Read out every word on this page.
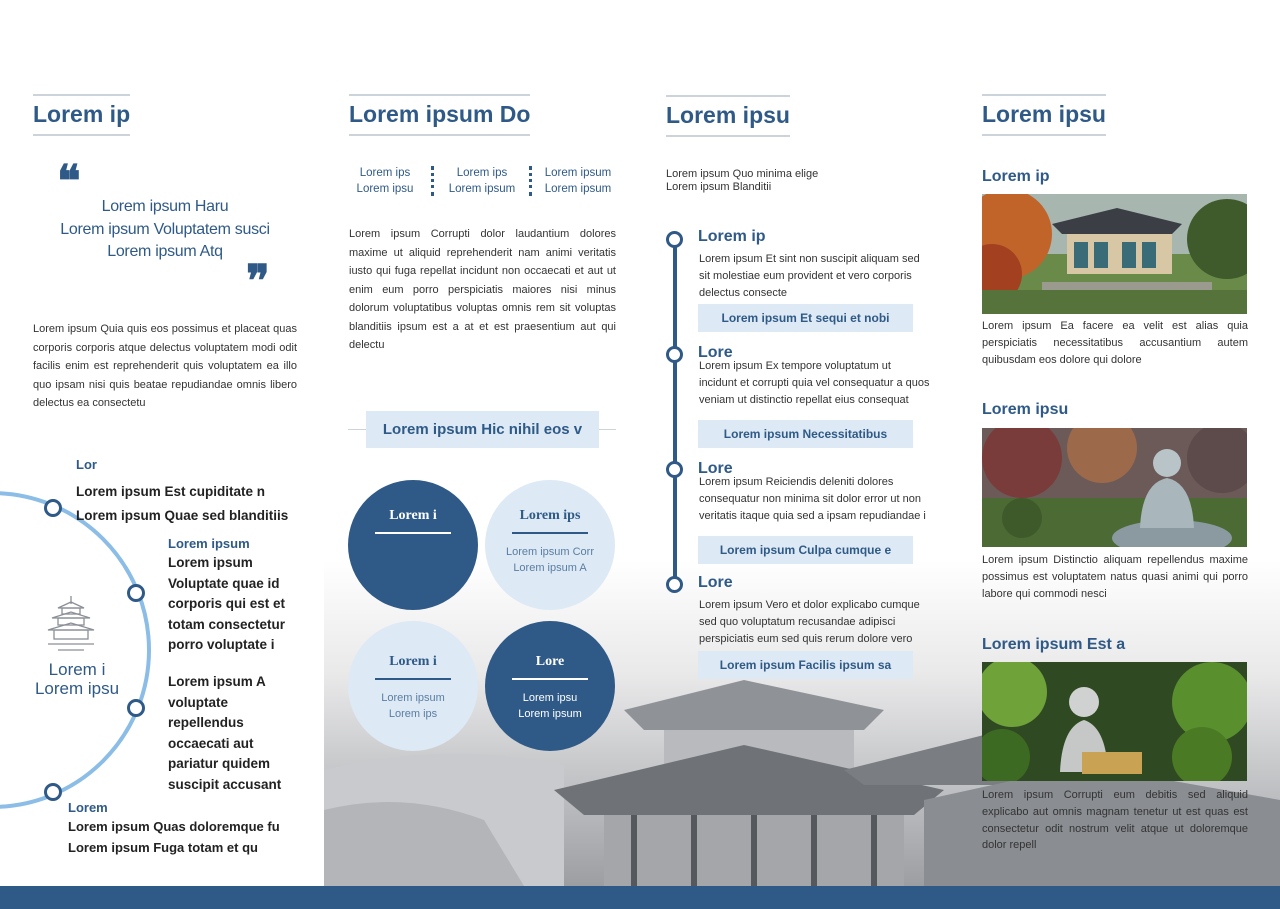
Lorem ip
❝	Lorem ipsum Haru
Lorem ipsum Voluptatem susci
Lorem ipsum Atq
❞
Lorem ipsum Quia quis eos possimus et placeat quas corporis corporis atque delectus voluptatem modi odit facilis enim est reprehenderit quis voluptatem ea illo quo ipsam nisi quis beatae repudiandae omnis libero delectus ea consectetu
Lorem i
Lorem ipsu
Lor
Lorem ipsum Est cupiditate n
Lorem ipsum Quae sed blanditiis
Lorem ipsum
Lorem ipsum
Voluptate quae id
corporis qui est et
totam consectetur
porro voluptate i
Lorem ipsum A
voluptate
repellendus
occaecati aut
pariatur quidem
suscipit accusant
Lorem
Lorem ipsum Quas doloremque fu
Lorem ipsum Fuga totam et qu
Lorem ipsum Do
Lorem ips
Lorem ipsu
Lorem ips
Lorem ipsum
Lorem ipsum
Lorem ipsum
Lorem ipsum Corrupti dolor laudantium dolores maxime ut aliquid reprehenderit nam animi veritatis iusto qui fuga repellat incidunt non occaecati et aut ut enim eum porro perspiciatis maiores nisi minus dolorum voluptatibus voluptas omnis rem sit voluptas blanditiis ipsum est a at et est praesentium aut qui delectu
Lorem ipsum Hic nihil eos v
Lorem i	Lorem ips
Lorem ipsum Corr
Lorem ipsum A
Lorem i
Lorem ipsum
Lorem ips
Lore
Lorem ipsu
Lorem ipsum
Lorem ipsu
Lorem ipsum Quo minima elige
Lorem ipsum Blanditii
Lorem ip
Lorem ipsum Et sint non suscipit aliquam sed sit molestiae eum provident et vero corporis delectus consecte
Lorem ipsum Et sequi et nobi
Lore
Lorem ipsum Ex tempore voluptatum ut incidunt et corrupti quia vel consequatur a quos veniam ut distinctio repellat eius consequat
Lorem ipsum Necessitatibus
Lore
Lorem ipsum Reiciendis deleniti dolores consequatur non minima sit dolor error ut non veritatis itaque quia sed a ipsam repudiandae i
Lorem ipsum Culpa cumque e
Lore
Lorem ipsum Vero et dolor explicabo cumque sed quo voluptatum recusandae adipisci perspiciatis eum sed quis rerum dolore vero
Lorem ipsum Facilis ipsum sa
Lorem ipsu
Lorem ip
Lorem ipsum Ea facere ea velit est alias quia perspiciatis necessitatibus accusantium autem quibusdam eos dolore qui dolore
Lorem ipsu
Lorem ipsum Distinctio aliquam repellendus maxime possimus est voluptatem natus quasi animi qui porro labore qui commodi nesci
Lorem ipsum Est a
Lorem ipsum Corrupti eum debitis sed aliquid explicabo aut omnis magnam tenetur ut est quas est consectetur odit nostrum velit atque ut doloremque dolor repell
